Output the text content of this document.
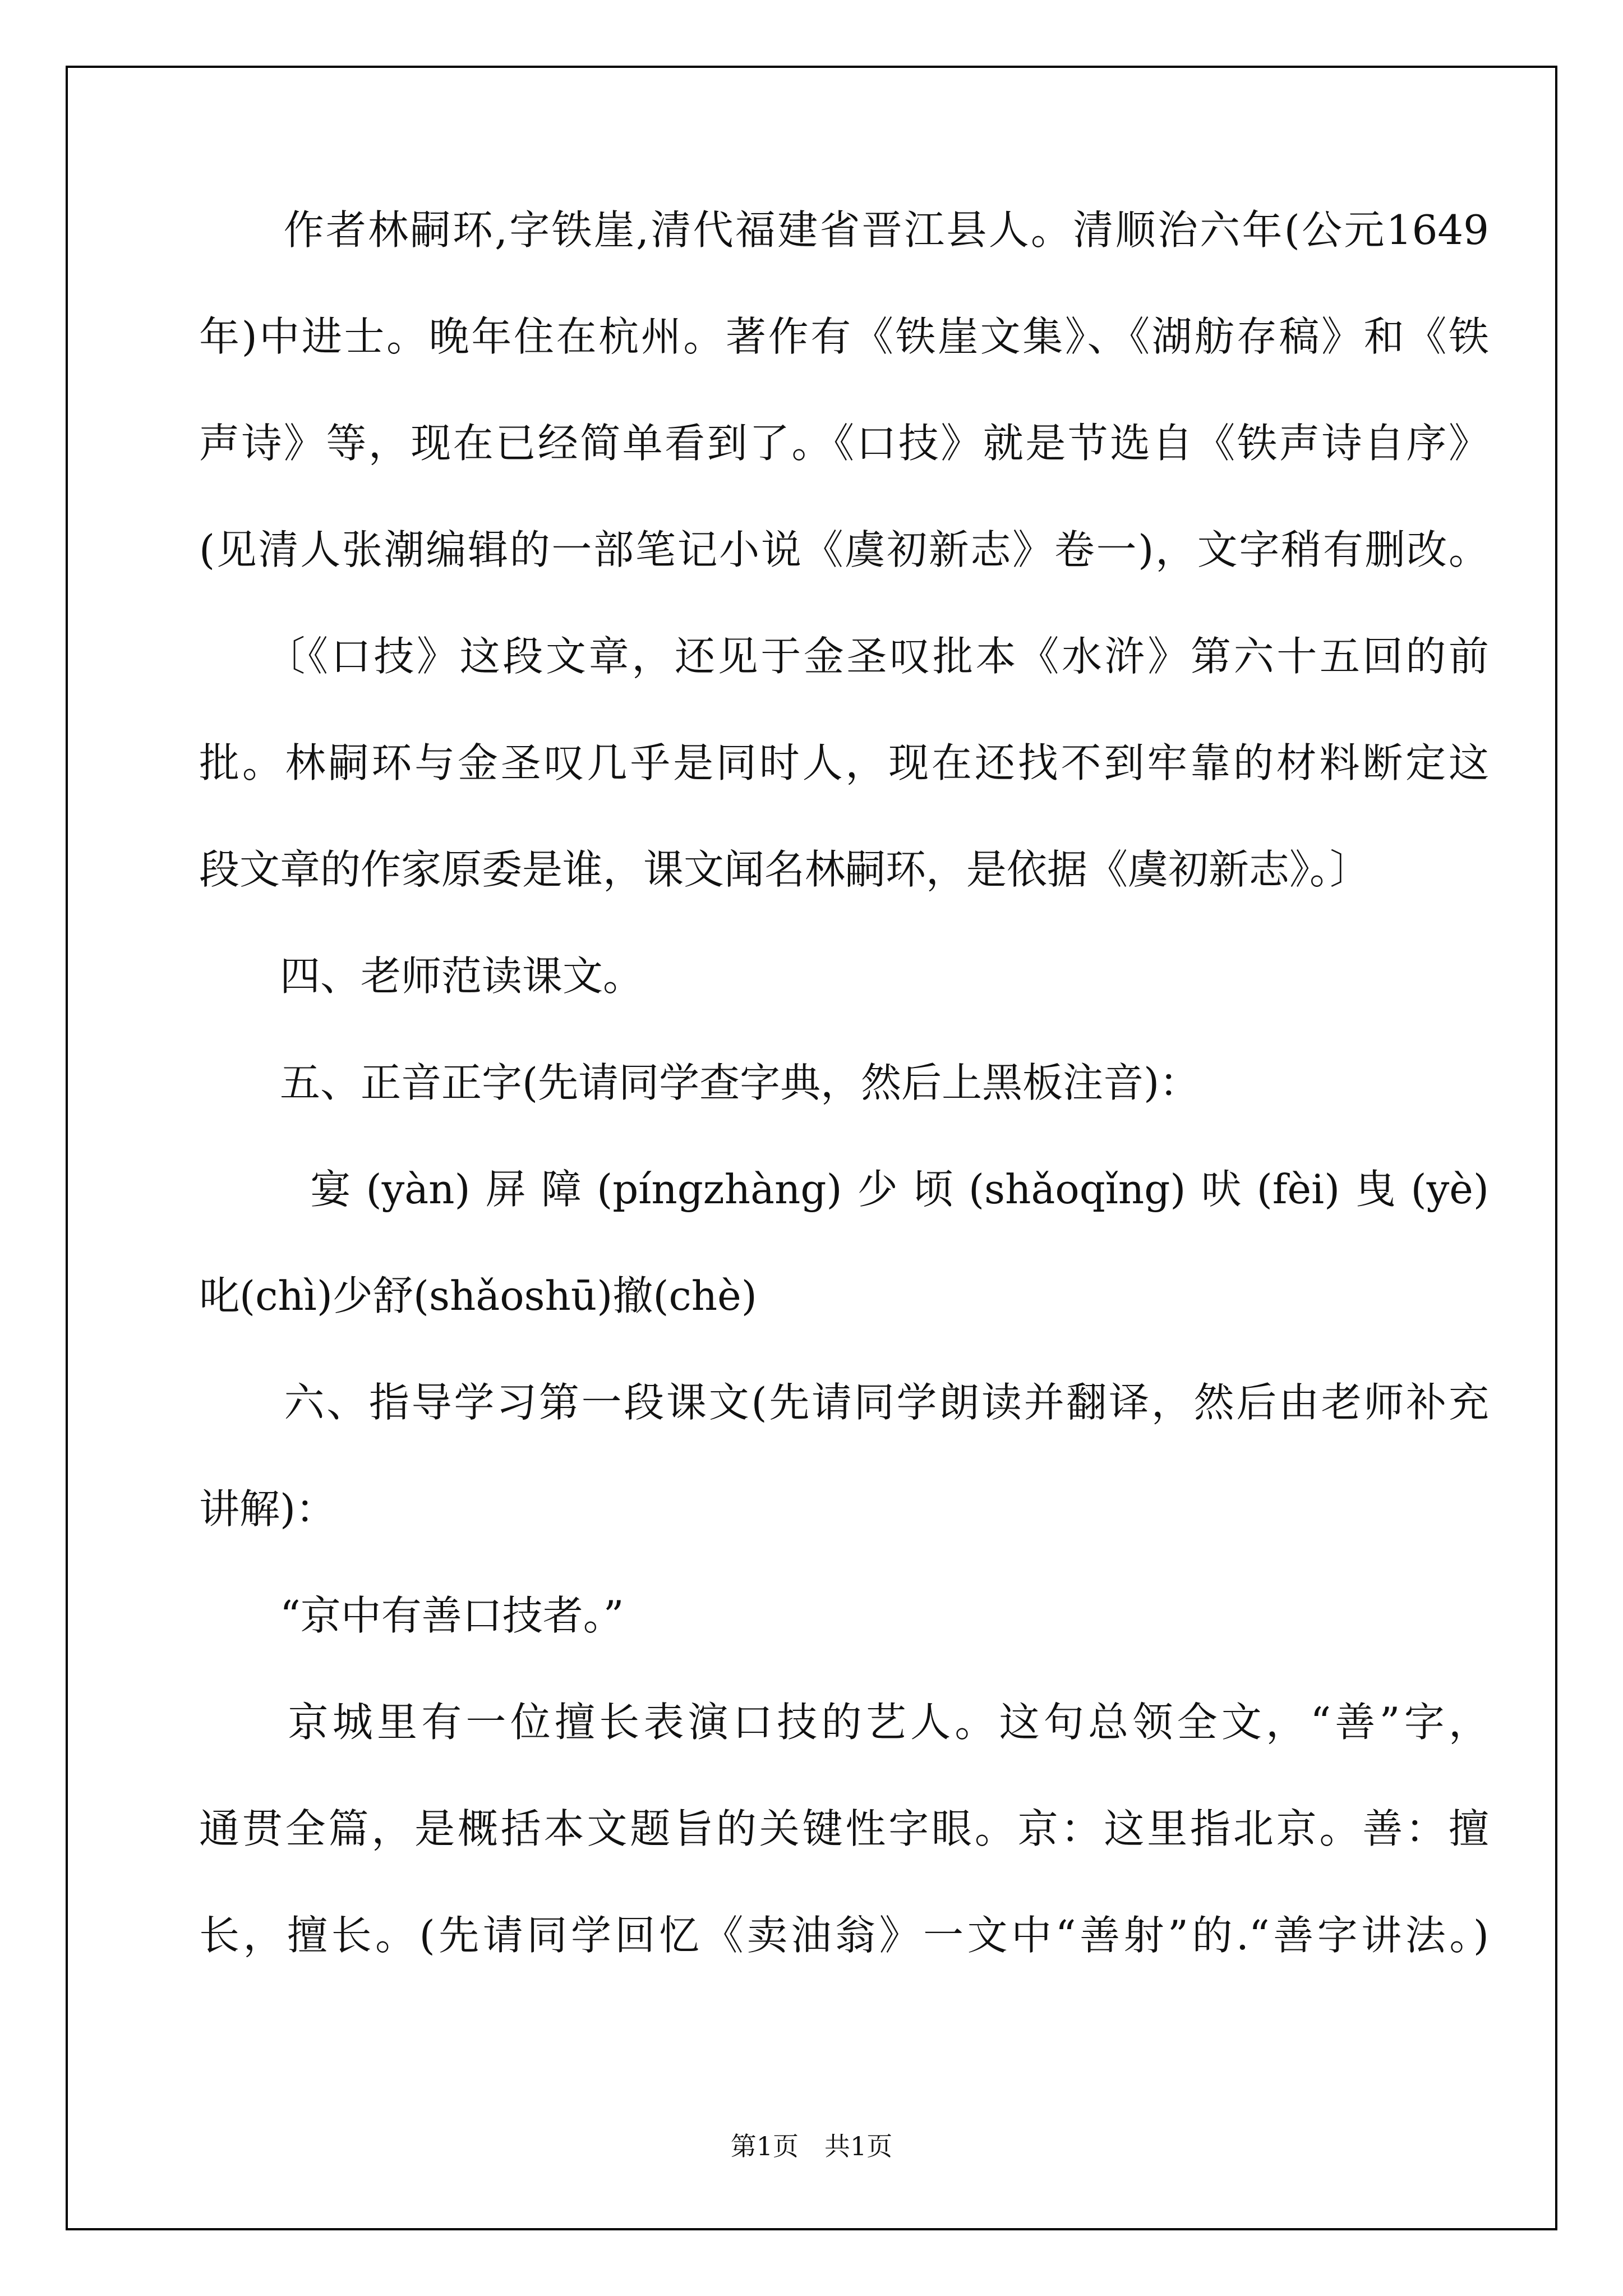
　　作者林嗣环,字铁崖,清代福建省晋江县人。清顺治六年(公元1649
年)中进士。晚年住在杭州。著作有《铁崖文集》、《湖舫存稿》和《铁
声诗》等，现在已经简单看到了。《口技》就是节选自《铁声诗自序》
(见清人张潮编辑的一部笔记小说《虞初新志》卷一)，文字稍有删改。
　　〔《口技》这段文章，还见于金圣叹批本《水浒》第六十五回的前
批。林嗣环与金圣叹几乎是同时人，现在还找不到牢靠的材料断定这
段文章的作家原委是谁，课文闻名林嗣环，是依据《虞初新志》。〕
　　四、老师范读课文。
　　五、正音正字(先请同学查字典，然后上黑板注音)：
　　宴(yàn)屏障(píngzhàng)少顷(shǎoqǐng)吠(fèi)曳(yè)
叱(chì)少舒(shǎoshū)撤(chè)
　　六、指导学习第一段课文(先请同学朗读并翻译，然后由老师补充
讲解)：
　　“京中有善口技者。”
　　京城里有一位擅长表演口技的艺人。这句总领全文，“善”字，
通贯全篇，是概括本文题旨的关键性字眼。京：这里指北京。善：擅
长，擅长。(先请同学回忆《卖油翁》一文中“善射”的.“善字讲法。)
第1页　共1页
